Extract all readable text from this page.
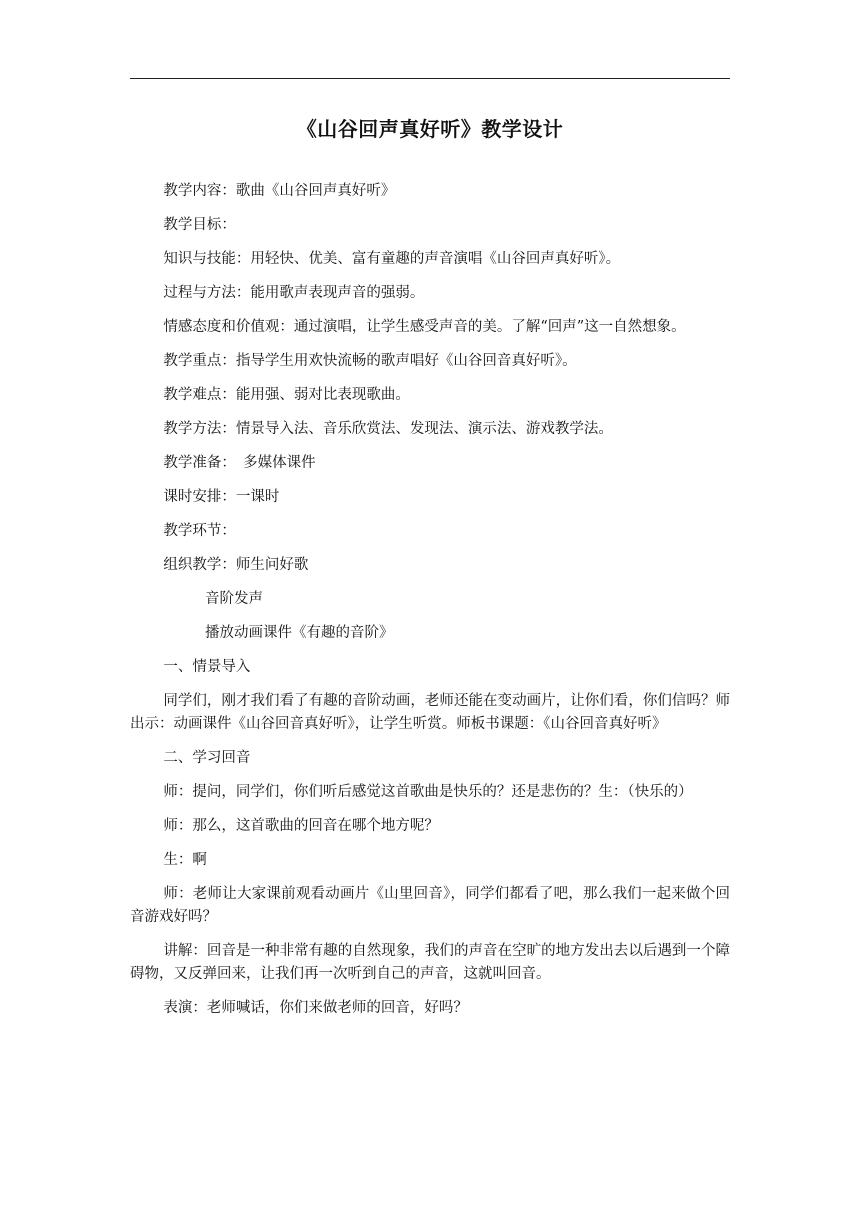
《山谷回声真好听》教学设计

教学内容：歌曲《山谷回声真好听》

教学目标：

知识与技能：用轻快、优美、富有童趣的声音演唱《山谷回声真好听》。

过程与方法：能用歌声表现声音的强弱。

情感态度和价值观：通过演唱，让学生感受声音的美。了解“回声”这一自然想象。

教学重点：指导学生用欢快流畅的歌声唱好《山谷回音真好听》。

教学难点：能用强、弱对比表现歌曲。

教学方法：情景导入法、音乐欣赏法、发现法、演示法、游戏教学法。

教学准备：　多媒体课件

课时安排：一课时

教学环节：

组织教学：师生问好歌

音阶发声

播放动画课件《有趣的音阶》

一、情景导入

同学们，刚才我们看了有趣的音阶动画，老师还能在变动画片，让你们看，你们信吗？师出示：动画课件《山谷回音真好听》，让学生听赏。师板书课题：《山谷回音真好听》

二、学习回音

师：提问，同学们，你们听后感觉这首歌曲是快乐的？还是悲伤的？生：（快乐的）

师：那么，这首歌曲的回音在哪个地方呢？

生：啊

师：老师让大家课前观看动画片《山里回音》，同学们都看了吧，那么我们一起来做个回音游戏好吗？

讲解：回音是一种非常有趣的自然现象，我们的声音在空旷的地方发出去以后遇到一个障碍物，又反弹回来，让我们再一次听到自己的声音，这就叫回音。

表演：老师喊话，你们来做老师的回音，好吗？
